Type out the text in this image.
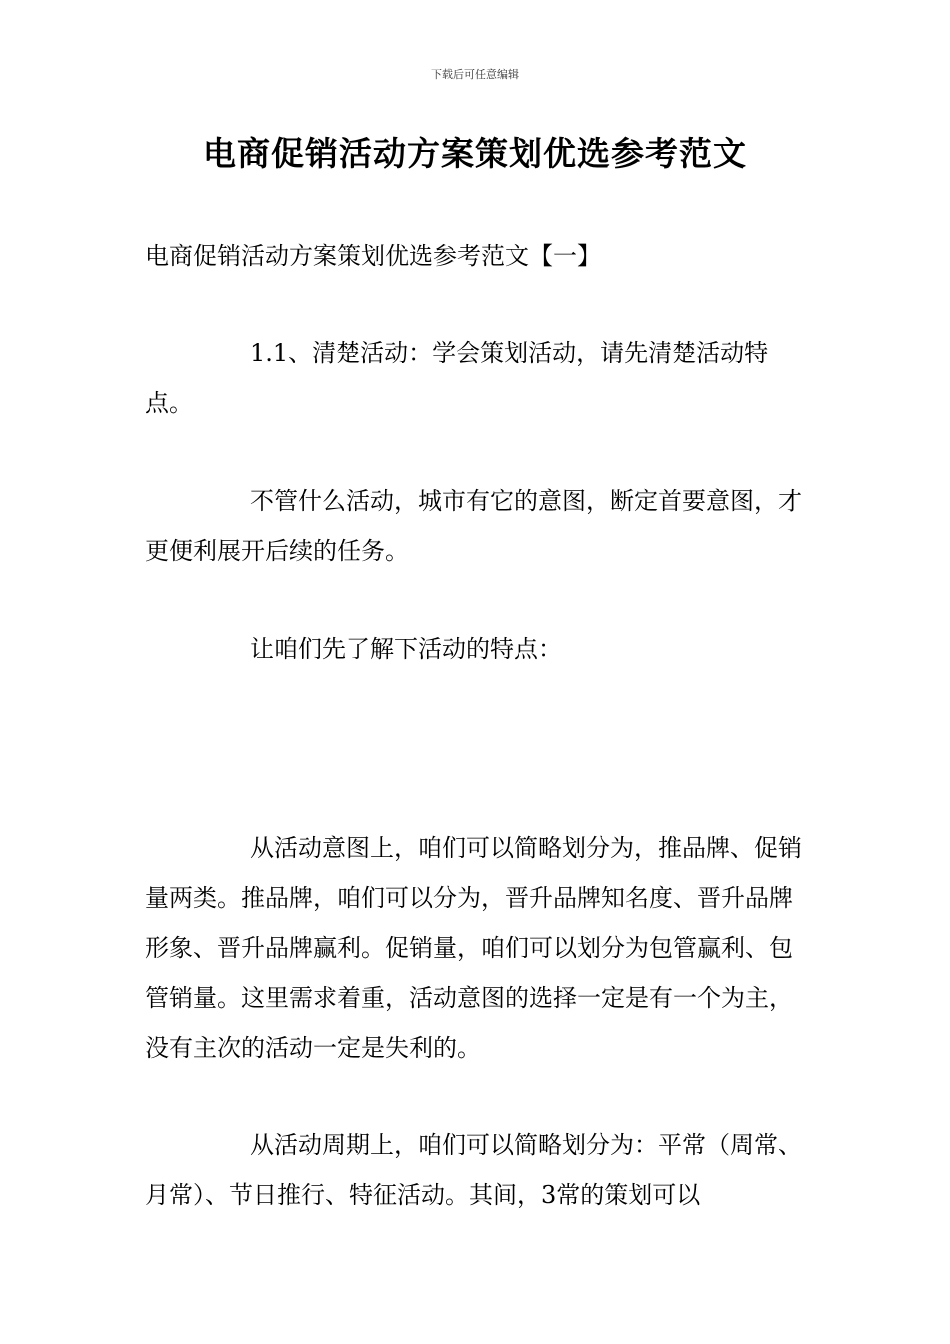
下载后可任意编辑
电商促销活动方案策划优选参考范文
电商促销活动方案策划优选参考范文【一】

1.1、清楚活动：学会策划活动，请先清楚活动特点。

不管什么活动，城市有它的意图，断定首要意图，才更便利展开后续的任务。

让咱们先了解下活动的特点：

从活动意图上，咱们可以简略划分为，推品牌、促销量两类。推品牌，咱们可以分为，晋升品牌知名度、晋升品牌形象、晋升品牌赢利。促销量，咱们可以划分为包管赢利、包管销量。这里需求着重，活动意图的选择一定是有一个为主，没有主次的活动一定是失利的。

从活动周期上，咱们可以简略划分为：平常（周常、月常）、节日推行、特征活动。其间，3常的策划可以
